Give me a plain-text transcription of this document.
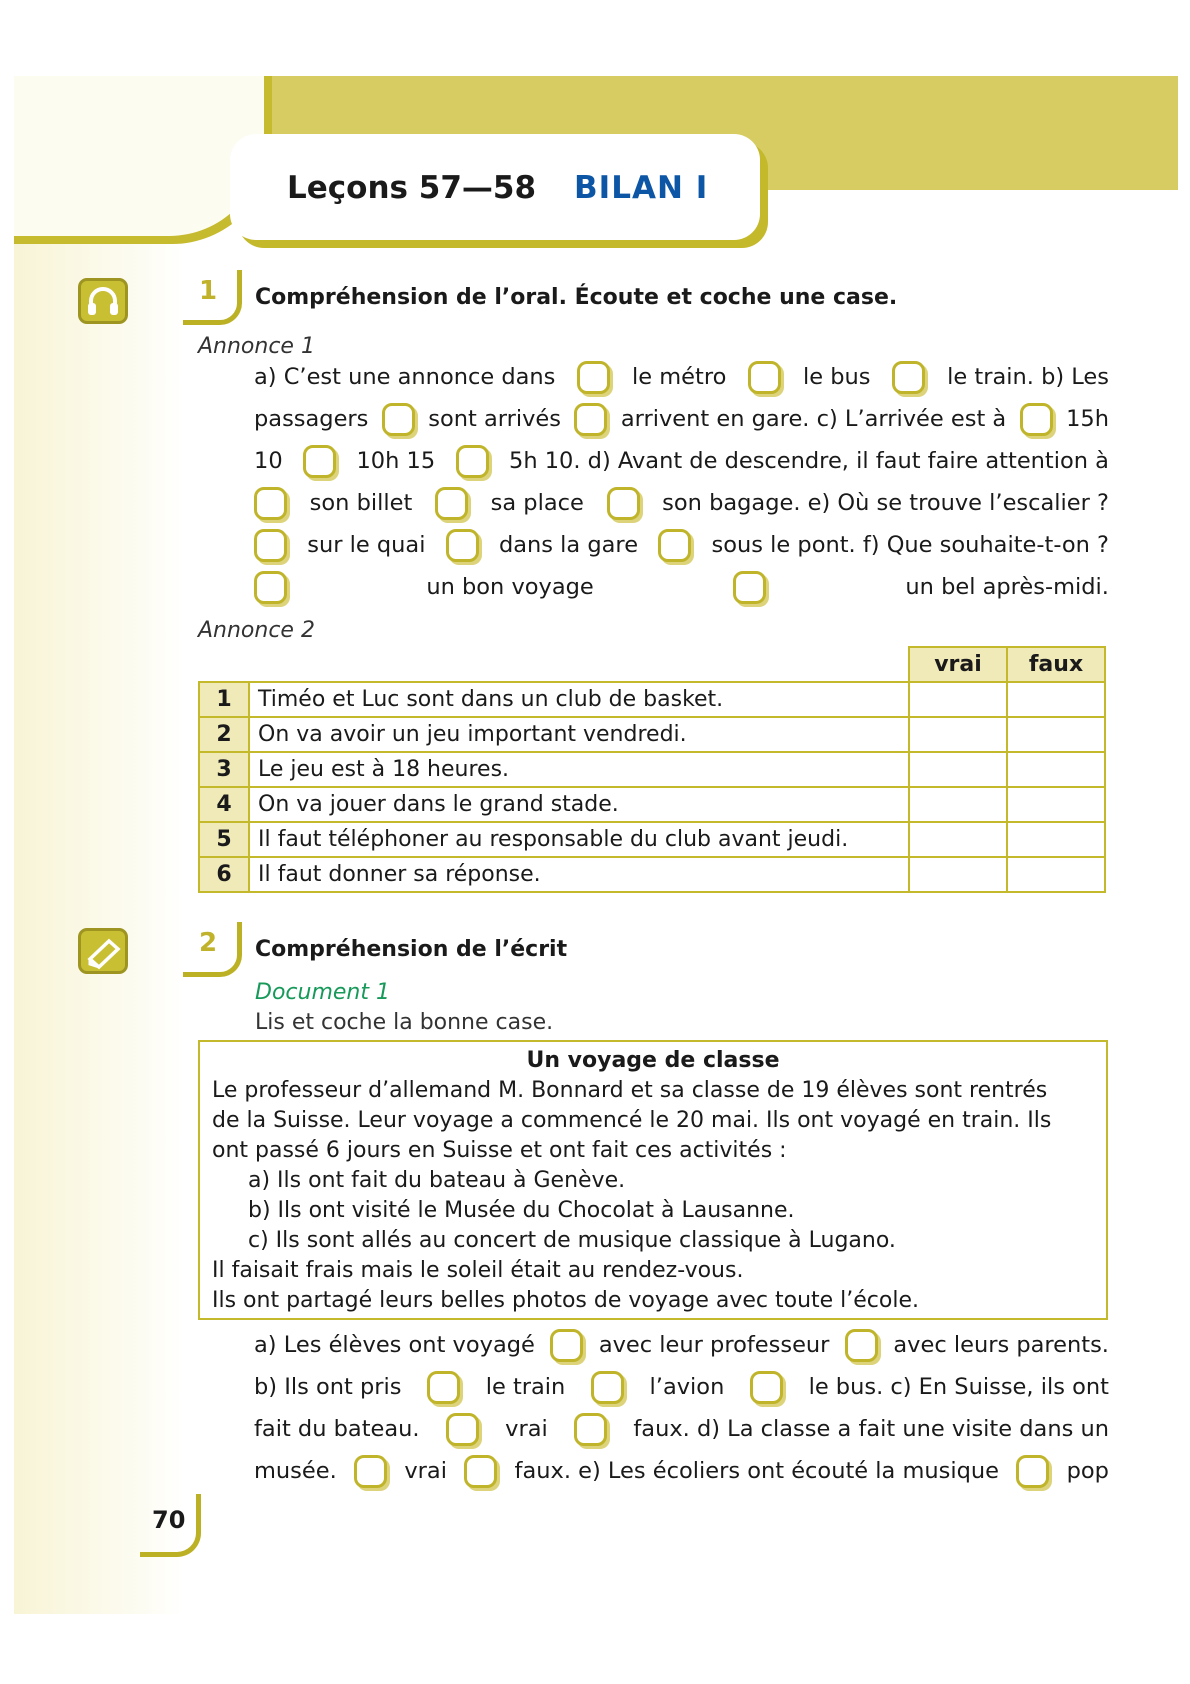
Leçons 57—58 BILAN I
1 Compréhension de l’oral. Écoute et coche une case.
Annonce 1
a) C’est une annonce dans	le métro	le bus	le train. b) Les
passagers	sont arrivés	arrivent en gare. c) L’arrivée est à	15h
10	10h 15	5h 10. d) Avant de descendre, il faut faire attention à
son billet	sa place	son bagage. e) Où se trouve l’escalier ?
sur le quai	dans la gare	sous le pont. f) Que souhaite-t-on ?
un bon voyage	un bel après-midi.
Annonce 2
		vrai	faux
1	Timéo et Luc sont dans un club de basket.		
2	On va avoir un jeu important vendredi.		
3	Le jeu est à 18 heures.		
4	On va jouer dans le grand stade.		
5	Il faut téléphoner au responsable du club avant jeudi.		
6	Il faut donner sa réponse.		
2 Compréhension de l’écrit
Document 1
Lis et coche la bonne case.
Un voyage de classe
Le professeur d’allemand M. Bonnard et sa classe de 19 élèves sont rentrés
de la Suisse. Leur voyage a commencé le 20 mai. Ils ont voyagé en train. Ils
ont passé 6 jours en Suisse et ont fait ces activités :
a) Ils ont fait du bateau à Genève.
b) Ils ont visité le Musée du Chocolat à Lausanne.
c) Ils sont allés au concert de musique classique à Lugano.
Il faisait frais mais le soleil était au rendez-vous.
Ils ont partagé leurs belles photos de voyage avec toute l’école.
a) Les élèves ont voyagé	avec leur professeur	avec leurs parents.
b) Ils ont pris	le train	l’avion	le bus. c) En Suisse, ils ont
fait du bateau.	vrai	faux. d) La classe a fait une visite dans un
musée.	vrai	faux. e) Les écoliers ont écouté la musique	pop
70
